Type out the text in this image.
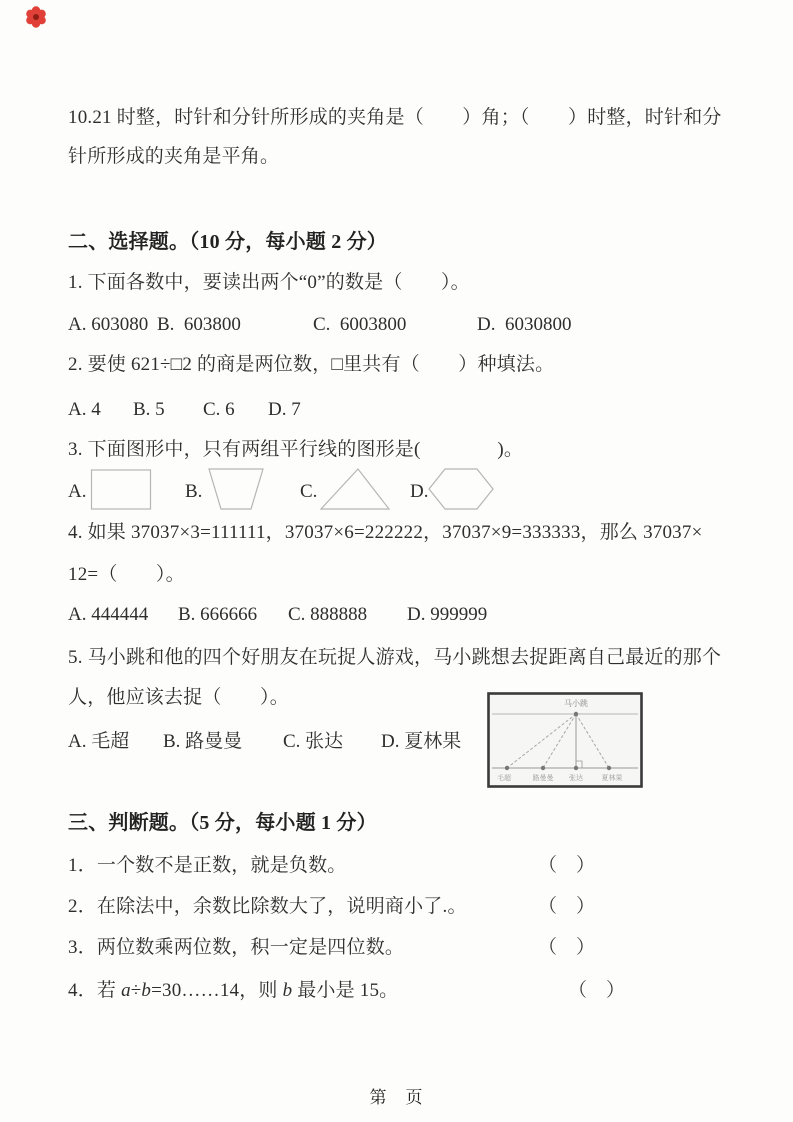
10.21 时整，时针和分针所形成的夹角是（　　）角；（　　）时整，时针和分
针所形成的夹角是平角。
二、选择题。（10 分，每小题 2 分）
1. 下面各数中，要读出两个“0”的数是（　　）。
A. 603080 B.  603800	C.  6003800	D.  6030800
2. 要使 621÷□2 的商是两位数，□里共有（　　）种填法。
A. 4 B. 5 C. 6 D. 7
3. 下面图形中，只有两组平行线的图形是(　　　　)。
A.	B.	C.	D.
4. 如果 37037×3=111111，37037×6=222222，37037×9=333333，那么 37037×
12=（　　）。
A. 444444 B. 666666 C. 888888 D. 999999
5. 马小跳和他的四个好朋友在玩捉人游戏，马小跳想去捉距离自己最近的那个
人，他应该去捉（　　）。
A. 毛超 B. 路曼曼 C. 张达 D. 夏林果
马小跳
毛超	路曼曼 张达	夏林果
三、判断题。（5 分，每小题 1 分）
1．一个数不是正数，就是负数。	（　）
2．在除法中，余数比除数大了，说明商小了.。	（　）
3．两位数乘两位数，积一定是四位数。	（　）
4．若 a÷b=30……14，则 b 最小是 15。	（　）
第　页
